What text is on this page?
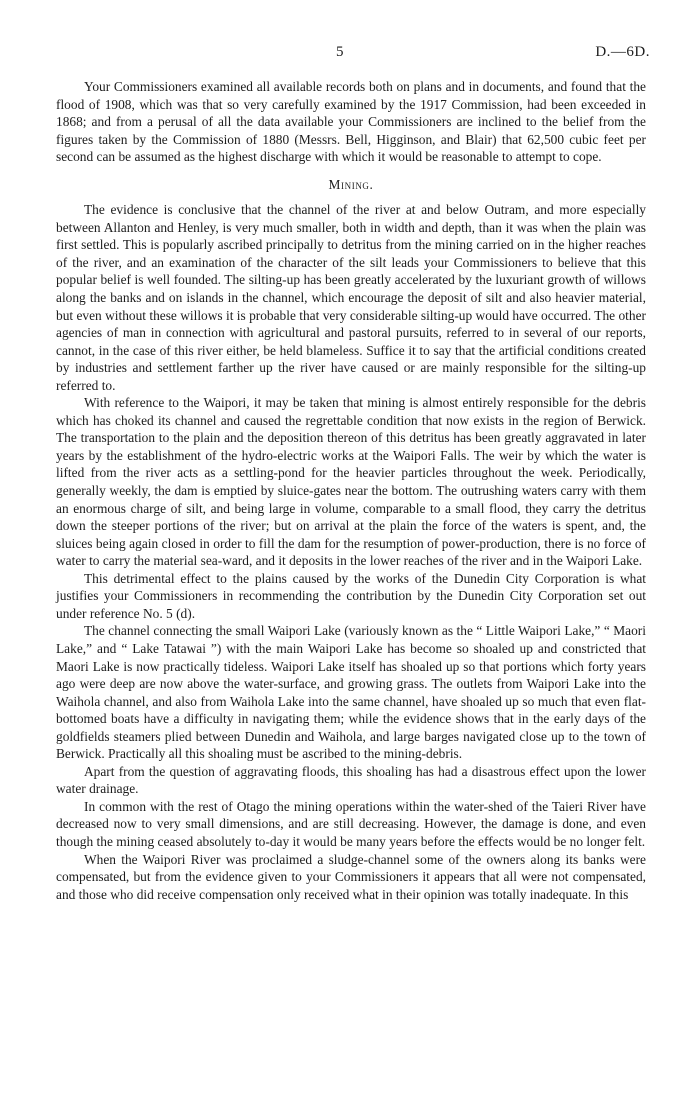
5	D.—6D.

Your Commissioners examined all available records both on plans and in documents, and found that the flood of 1908, which was that so very carefully examined by the 1917 Commission, had been exceeded in 1868; and from a perusal of all the data available your Commissioners are inclined to the belief from the figures taken by the Commission of 1880 (Messrs. Bell, Higginson, and Blair) that 62,500 cubic feet per second can be assumed as the highest discharge with which it would be reasonable to attempt to cope.

Mining.

The evidence is conclusive that the channel of the river at and below Outram, and more especially between Allanton and Henley, is very much smaller, both in width and depth, than it was when the plain was first settled. This is popularly ascribed principally to detritus from the mining carried on in the higher reaches of the river, and an examination of the character of the silt leads your Commissioners to believe that this popular belief is well founded. The silting-up has been greatly accelerated by the luxuriant growth of willows along the banks and on islands in the channel, which encourage the deposit of silt and also heavier material, but even without these willows it is probable that very considerable silting-up would have occurred. The other agencies of man in connection with agricultural and pastoral pursuits, referred to in several of our reports, cannot, in the case of this river either, be held blameless. Suffice it to say that the artificial conditions created by industries and settlement farther up the river have caused or are mainly responsible for the silting-up referred to.

With reference to the Waipori, it may be taken that mining is almost entirely responsible for the debris which has choked its channel and caused the regrettable condition that now exists in the region of Berwick. The transportation to the plain and the deposition thereon of this detritus has been greatly aggravated in later years by the establishment of the hydro-electric works at the Waipori Falls. The weir by which the water is lifted from the river acts as a settling-pond for the heavier particles throughout the week. Periodically, generally weekly, the dam is emptied by sluice-gates near the bottom. The outrushing waters carry with them an enormous charge of silt, and being large in volume, comparable to a small flood, they carry the detritus down the steeper portions of the river; but on arrival at the plain the force of the waters is spent, and, the sluices being again closed in order to fill the dam for the resumption of power-production, there is no force of water to carry the material sea-ward, and it deposits in the lower reaches of the river and in the Waipori Lake.

This detrimental effect to the plains caused by the works of the Dunedin City Corporation is what justifies your Commissioners in recommending the contribution by the Dunedin City Corporation set out under reference No. 5 (d).

The channel connecting the small Waipori Lake (variously known as the “ Little Waipori Lake,” “ Maori Lake,” and “ Lake Tatawai ”) with the main Waipori Lake has become so shoaled up and constricted that Maori Lake is now practically tideless. Waipori Lake itself has shoaled up so that portions which forty years ago were deep are now above the water-surface, and growing grass. The outlets from Waipori Lake into the Waihola channel, and also from Waihola Lake into the same channel, have shoaled up so much that even flat-bottomed boats have a difficulty in navigating them; while the evidence shows that in the early days of the goldfields steamers plied between Dunedin and Waihola, and large barges navigated close up to the town of Berwick. Practically all this shoaling must be ascribed to the mining-debris.

Apart from the question of aggravating floods, this shoaling has had a disastrous effect upon the lower water drainage.

In common with the rest of Otago the mining operations within the water-shed of the Taieri River have decreased now to very small dimensions, and are still decreasing. However, the damage is done, and even though the mining ceased absolutely to-day it would be many years before the effects would be no longer felt.

When the Waipori River was proclaimed a sludge-channel some of the owners along its banks were compensated, but from the evidence given to your Commissioners it appears that all were not compensated, and those who did receive compensation only received what in their opinion was totally inadequate. In this
